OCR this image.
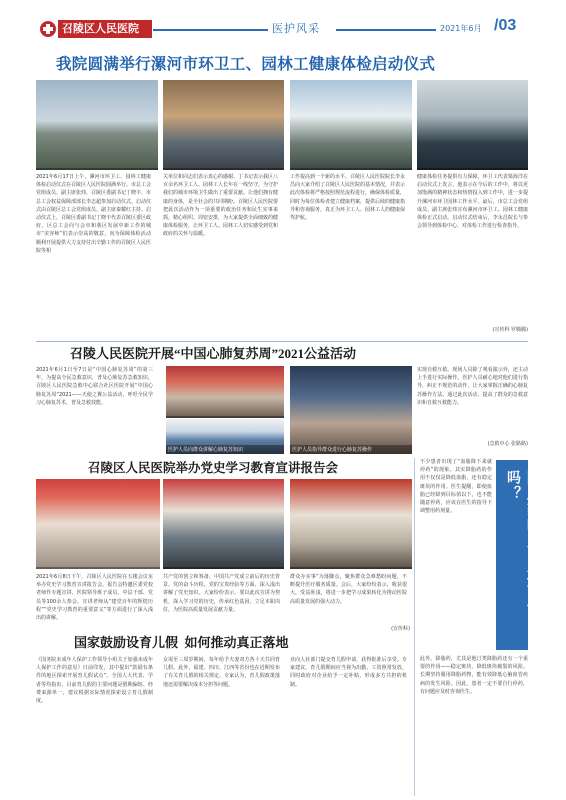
召陵区人民医院	医护风采	2021年6月 /03
我院圆满举行漯河市环卫工、园林工健康体检启动仪式
2021年6月17日上午，漯河市环卫工、园林工健康体检启动仪式在召陵区人民医院圆满举行。市总工会党组成员、副主席张炜，召陵区委副书记丁晓丰、市总工会权益保障部部长李志超参加启动仪式。启动仪式由召陵区总工会党组成员、副主席秦耀红主持。启动仪式上，召陵区委副书记丁晓丰代表召陵区委区政府，区总工会向与会市和我区发展中新工作的城市“美容师”们表示崇高的敬意，向为保障体检活动顺利开展提供大力支持付出辛勤工作的召陵区人民医院等相
关单位和同志们表示衷心的感谢。丁书记表示我区八百余名环卫工人、园林工人长年在一线坚守，为守护我们的城市环境卫生做出了重要贡献。让他们拥有健康的身体，是全社会的共同期盼。召陵区人民医院要把此次活动作为一项重要的政治任务和民生实事来抓，精心组织、周密安排，为大家提供全面细致的健康体检服务，让环卫工人、园林工人切实感受到党和政府的关怀与温暖。
工作提高到一个新的水平。召陵区人民医院院长李永昌向大家介绍了召陵区人民医院的基本情况，并表示此次体检将严格按照规范流程进行，确保体检质量，同时为每位体检者建立健康档案，提供后续的健康指导和咨询服务，真正为环卫工人、园林工人的健康保驾护航。
健康体检任务提供有力保障。环卫工代表梁海洋在启动仪式上发言，他表示在今后的工作中，将以更加饱满的精神状态和热情投入到工作中，进一步提升漯河市环卫园林工作水平。最后，市总工会党组成员、副主席张炜宣布漯河市环卫工、园林工健康体检正式启动。启动仪式结束后，李永昌院长与参会领导到体检中心，对体检工作进行检查指导。
(宣传科 罗腾腾)
召陵人民医院开展“中国心肺复苏周”2021公益活动
2021年6月1日至7日是“中国心肺复苏周”的第三年，为提高全民急救意识，普及心肺复苏急救知识，召陵区人民医院急救中心联合社区医院开展“中国心肺复苏周”2021——天使之翼公益活动，呼吁全民学习心肺复苏术，普及急救技能。
医护人员向群众讲解心肺复苏知识	医护人员指导群众进行心肺复苏操作
实现自救互救。现场人员除了观看演示外，还主动上手进行实际操作。医护人员耐心地对他们进行指导，纠正不规范的动作，让大家掌握正确的心肺复苏操作方法。通过此次活动，提高了群众的急救意识和自救互救能力。
(急救中心 张路路)
召陵区人民医院举办党史学习教育宣讲报告会
2021年6月8日下午，召陵区人民医院在五楼会议室举办党史学习教育宣讲报告会。报告会特邀区委党校老师作专题宣讲，医院领导班子成员、中层干部、党员等100余人参会。宣讲老师从“建党百年的辉煌历程”“党史学习教育的重要意义”等方面进行了深入浅出的讲解。
共产党的创立和筹备、中国共产党成立前后的历史背景、党的奋斗历程、党的宝贵经验等方面，深入浅出讲解了党史知识。大家纷纷表示，要以此次宣讲为契机，深入学习党的历史，传承红色基因，立足本职岗位，为医院高质量发展贡献力量。
群众办实事”为落脚点，聚焦群众急难愁盼问题，不断提升医疗服务质量。会后，大家纷纷表示，收获很大，受益匪浅，将进一步把学习成果转化为推动医院高质量发展的强大动力。
(宣传科)
国家鼓励设育儿假  如何推动真正落地
《国务院未成年人保护工作领导小组关于加强未成年人保护工作的意见》日前印发，其中提出“鼓励有条件的地区探索开展育儿假试点”。全国人大代表、学者等均指出，目前育儿假的主要问题是假期偏短、经费来源单一，建议根据实际情况探索设立育儿假制度。
女需至三周岁期间，每年给予夫妻双方各十天共同育儿假。此外，福建、四川、江西等省份也在近期发布了有关育儿假的相关规定。专家认为，育儿假政策落地还需要解决成本分担等问题。
业向人社部门提交育儿假申请，获得批准后享受。专家建议，育儿假期间应当视为出勤，工资照常发放，同时政府对企业给予一定补贴，形成多方共担的机制。
不少患者出现了“血脂降下来就停药”的现象。其实降脂药的作用不仅仅是降低血脂，还有稳定斑块的作用。医生提醒，即使血脂已经降到目标值以下，也不能随意停药，应该在医生的指导下调整用药剂量。	降脂药吃上了还能停吗？
此外，降脂药，尤其是他汀类降脂药还有一个重要的作用——稳定斑块，降低斑块破裂的风险。长期坚持服用降脂药物，能有效降低心脑血管疾病的发生风险。因此，患者一定不要自行停药，有问题应及时咨询医生。
